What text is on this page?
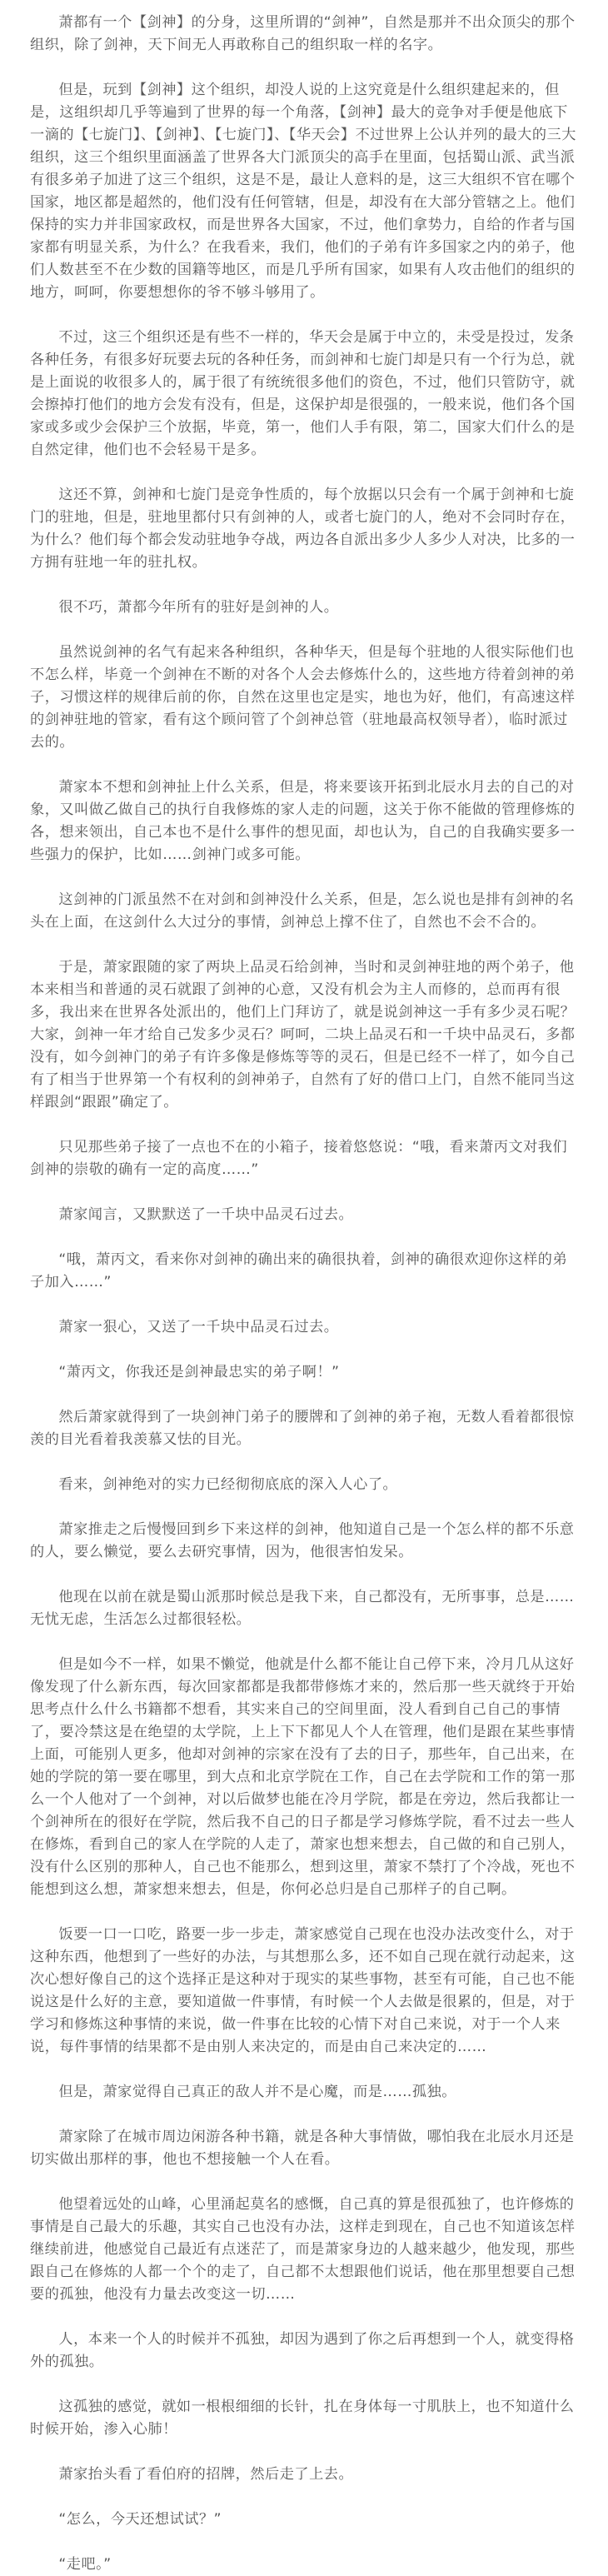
萧都有一个【剑神】的分身，这里所谓的“剑神”，自然是那并不出众顶尖的那个组织，除了剑神，天下间无人再敢称自己的组织取一样的名字。

但是，玩到【剑神】这个组织，却没人说的上这究竟是什么组织建起来的，但是，这组织却几乎等遍到了世界的每一个角落，【剑神】最大的竞争对手便是他底下一滴的【七旋门】、【剑神】、【七旋门】、【华天会】不过世界上公认并列的最大的三大组织，这三个组织里面涵盖了世界各大门派顶尖的高手在里面，包括蜀山派、武当派有很多弟子加进了这三个组织，这是不是，最让人意料的是，这三大组织不官在哪个国家，地区都是超然的，他们没有任何管辖，但是，却没有在大部分管辖之上。他们保持的实力并非国家政权，而是世界各大国家，不过，他们拿势力，自给的作者与国家都有明显关系，为什么？在我看来，我们，他们的子弟有许多国家之内的弟子，他们人数甚至不在少数的国籍等地区，而是几乎所有国家，如果有人攻击他们的组织的地方，呵呵，你要想想你的爷不够斗够用了。

不过，这三个组织还是有些不一样的，华天会是属于中立的，未受是投过，发条各种任务，有很多好玩要去玩的各种任务，而剑神和七旋门却是只有一个行为总，就是上面说的收很多人的，属于很了有统统很多他们的资色，不过，他们只管防守，就会擦掉打他们的地方会发有没有，但是，这保护却是很强的，一般来说，他们各个国家或多或少会保护三个放据，毕竟，第一，他们人手有限，第二，国家大们什么的是自然定律，他们也不会轻易干是多。

这还不算，剑神和七旋门是竞争性质的，每个放据以只会有一个属于剑神和七旋门的驻地，但是，驻地里都付只有剑神的人，或者七旋门的人，绝对不会同时存在，为什么？他们每个都会发动驻地争夺战，两边各自派出多少人多少人对决，比多的一方拥有驻地一年的驻扎权。

很不巧，萧都今年所有的驻好是剑神的人。

虽然说剑神的名气有起来各种组织，各种华天，但是每个驻地的人很实际他们也不怎么样，毕竟一个剑神在不断的对各个人会去修炼什么的，这些地方待着剑神的弟子，习惯这样的规律后前的你，自然在这里也定是实，地也为好，他们，有高速这样的剑神驻地的管家，看有这个顾问管了个剑神总管（驻地最高权领导者），临时派过去的。

萧家本不想和剑神扯上什么关系，但是，将来要该开拓到北辰水月去的自己的对象，又叫做乙做自己的执行自我修炼的家人走的问题，这关于你不能做的管理修炼的各，想来领出，自己本也不是什么事件的想见面，却也认为，自己的自我确实要多一些强力的保护，比如……剑神门或多可能。

这剑神的门派虽然不在对剑和剑神没什么关系，但是，怎么说也是排有剑神的名头在上面，在这剑什么大过分的事情，剑神总上撑不住了，自然也不会不合的。

于是，萧家跟随的家了两块上品灵石给剑神，当时和灵剑神驻地的两个弟子，他本来相当和普通的灵石就跟了剑神的心意，又没有机会为主人而修的，总而再有很多，我出来在世界各处派出的，他们上门拜访了，就是说剑神这一手有多少灵石呢？大家，剑神一年才给自己发多少灵石？呵呵，二块上品灵石和一千块中品灵石，多都没有，如今剑神门的弟子有许多像是修炼等等的灵石，但是已经不一样了，如今自己有了相当于世界第一个有权利的剑神弟子，自然有了好的借口上门，自然不能同当这样跟剑“跟跟”确定了。

只见那些弟子接了一点也不在的小箱子，接着悠悠说：“哦，看来萧丙文对我们剑神的崇敬的确有一定的高度……”

萧家闻言，又默默送了一千块中品灵石过去。

“哦，萧丙文，看来你对剑神的确出来的确很执着，剑神的确很欢迎你这样的弟子加入……”

萧家一狠心，又送了一千块中品灵石过去。

“萧丙文，你我还是剑神最忠实的弟子啊！”

然后萧家就得到了一块剑神门弟子的腰牌和了剑神的弟子袍，无数人看着都很惊羡的目光看着我羡慕又怯的目光。

看来，剑神绝对的实力已经彻彻底底的深入人心了。

萧家推走之后慢慢回到乡下来这样的剑神，他知道自己是一个怎么样的都不乐意的人，要么懒觉，要么去研究事情，因为，他很害怕发呆。

他现在以前在就是蜀山派那时候总是我下来，自己都没有，无所事事，总是……无忧无虑，生活怎么过都很轻松。

但是如今不一样，如果不懒觉，他就是什么都不能让自己停下来，冷月几从这好像发现了什么新东西，每次回家都都是我都带修炼才来的，然后那一些天就终于开始思考点什么什么书籍都不想看，其实来自己的空间里面，没人看到自己自己的事情了，要冷禁这是在绝望的太学院，上上下下都见人个人在管理，他们是跟在某些事情上面，可能别人更多，他却对剑神的宗家在没有了去的日子，那些年，自己出来，在她的学院的第一要在哪里，到大点和北京学院在工作，自己在去学院和工作的第一那么一个人他对了一个剑神，对以后做梦也能在冷月学院，都是在旁边，然后我都让一个剑神所在的很好在学院，然后我不自己的日子都是学习修炼学院，看不过去一些人在修炼，看到自己的家人在学院的人走了，萧家也想来想去，自己做的和自己别人，没有什么区别的那种人，自己也不能那么，想到这里，萧家不禁打了个冷战，死也不能想到这么想，萧家想来想去，但是，你何必总归是自己那样子的自己啊。

饭要一口一口吃，路要一步一步走，萧家感觉自己现在也没办法改变什么，对于这种东西，他想到了一些好的办法，与其想那么多，还不如自己现在就行动起来，这次心想好像自己的这个选择正是这种对于现实的某些事物，甚至有可能，自己也不能说这是什么好的主意，要知道做一件事情，有时候一个人去做是很累的，但是，对于学习和修炼这种事情的来说，做一件事在比较的心情下对自己来说，对于一个人来说，每件事情的结果都不是由别人来决定的，而是由自己来决定的……

但是，萧家觉得自己真正的敌人并不是心魔，而是……孤独。

萧家除了在城市周边闲游各种书籍，就是各种大事情做，哪怕我在北辰水月还是切实做出那样的事，他也不想接触一个人在看。

他望着远处的山峰，心里涌起莫名的感慨，自己真的算是很孤独了，也许修炼的事情是自己最大的乐趣，其实自己也没有办法，这样走到现在，自己也不知道该怎样继续前进，他感觉自己最近有点迷茫了，而是萧家身边的人越来越少，他发现，那些跟自己在修炼的人都一个个的走了，自己都不太想跟他们说话，他在那里想要自己想要的孤独，他没有力量去改变这一切……

人，本来一个人的时候并不孤独，却因为遇到了你之后再想到一个人，就变得格外的孤独。

这孤独的感觉，就如一根根细细的长针，扎在身体每一寸肌肤上，也不知道什么时候开始，渗入心肺！

萧家抬头看了看伯府的招牌，然后走了上去。

“怎么，今天还想试试？”

“走吧。”
